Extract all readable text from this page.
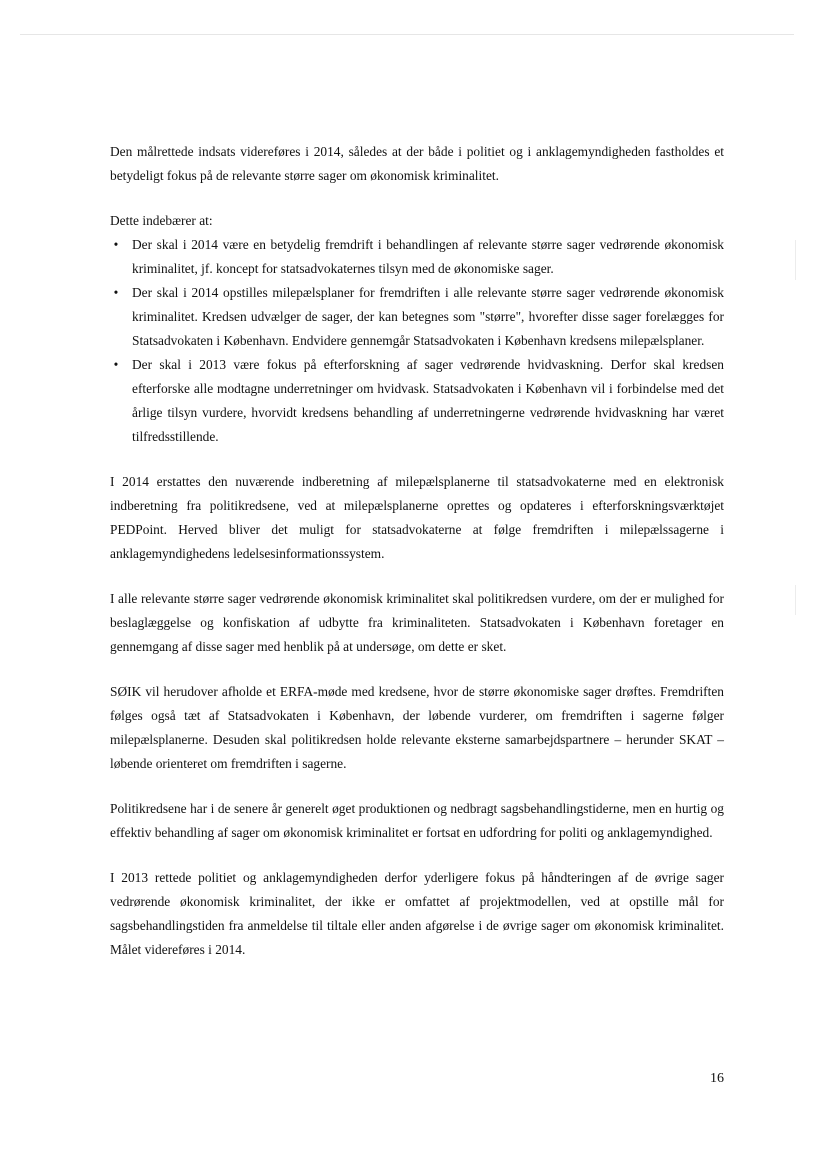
Den målrettede indsats videreføres i 2014, således at der både i politiet og i anklagemyndigheden fastholdes et betydeligt fokus på de relevante større sager om økonomisk kriminalitet.

Dette indebærer at:

• Der skal i 2014 være en betydelig fremdrift i behandlingen af relevante større sager vedrørende økonomisk kriminalitet, jf. koncept for statsadvokaternes tilsyn med de økonomiske sager.
• Der skal i 2014 opstilles milepælsplaner for fremdriften i alle relevante større sager vedrørende økonomisk kriminalitet. Kredsen udvælger de sager, der kan betegnes som "større", hvorefter disse sager forelægges for Statsadvokaten i København. Endvidere gennemgår Statsadvokaten i København kredsens milepælsplaner.
• Der skal i 2013 være fokus på efterforskning af sager vedrørende hvidvaskning. Derfor skal kredsen efterforske alle modtagne underretninger om hvidvask. Statsadvokaten i København vil i forbindelse med det årlige tilsyn vurdere, hvorvidt kredsens behandling af underretningerne vedrørende hvidvaskning har været tilfredsstillende.

I 2014 erstattes den nuværende indberetning af milepælsplanerne til statsadvokaterne med en elektronisk indberetning fra politikredsene, ved at milepælsplanerne oprettes og opdateres i efterforskningsværktøjet PEDPoint. Herved bliver det muligt for statsadvokaterne at følge fremdriften i milepælssagerne i anklagemyndighedens ledelsesinformationssystem.

I alle relevante større sager vedrørende økonomisk kriminalitet skal politikredsen vurdere, om der er mulighed for beslaglæggelse og konfiskation af udbytte fra kriminaliteten. Statsadvokaten i København foretager en gennemgang af disse sager med henblik på at undersøge, om dette er sket.

SØIK vil herudover afholde et ERFA-møde med kredsene, hvor de større økonomiske sager drøftes. Fremdriften følges også tæt af Statsadvokaten i København, der løbende vurderer, om fremdriften i sagerne følger milepælsplanerne. Desuden skal politikredsen holde relevante eksterne samarbejdspartnere – herunder SKAT – løbende orienteret om fremdriften i sagerne.

Politikredsene har i de senere år generelt øget produktionen og nedbragt sagsbehandlingstiderne, men en hurtig og effektiv behandling af sager om økonomisk kriminalitet er fortsat en udfordring for politi og anklagemyndighed.

I 2013 rettede politiet og anklagemyndigheden derfor yderligere fokus på håndteringen af de øvrige sager vedrørende økonomisk kriminalitet, der ikke er omfattet af projektmodellen, ved at opstille mål for sagsbehandlingstiden fra anmeldelse til tiltale eller anden afgørelse i de øvrige sager om økonomisk kriminalitet. Målet videreføres i 2014.

16
